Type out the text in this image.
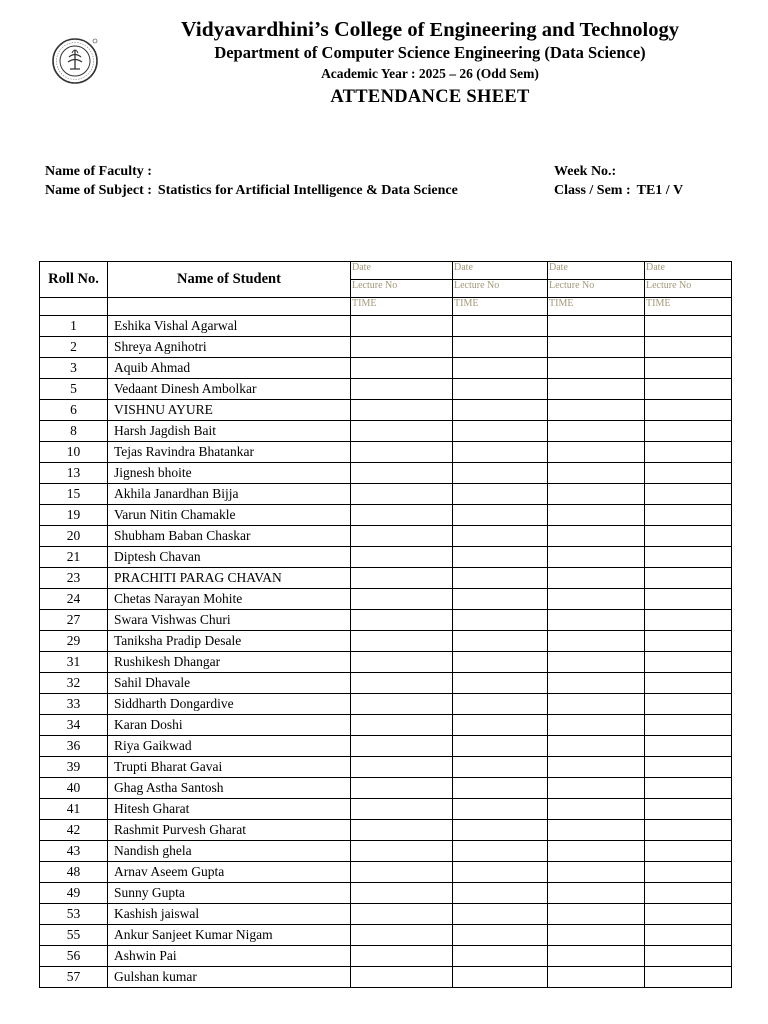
Vidyavardhini’s College of Engineering and Technology
Department of Computer Science Engineering (Data Science)
Academic Year : 2025 – 26 (Odd Sem)
ATTENDANCE SHEET
Name of Faculty :
Name of Subject : Statistics for Artificial Intelligence & Data Science
Week No.:
Class / Sem : TE1 / V
Roll No.	Name of Student	Date	Date	Date	Date
		Lecture No	Lecture No	Lecture No	Lecture No
		TIME	TIME	TIME	TIME
1	Eshika Vishal Agarwal				
2	Shreya Agnihotri				
3	Aquib Ahmad				
5	Vedaant Dinesh Ambolkar				
6	VISHNU AYURE				
8	Harsh Jagdish Bait				
10	Tejas Ravindra Bhatankar				
13	Jignesh bhoite				
15	Akhila Janardhan Bijja				
19	Varun Nitin Chamakle				
20	Shubham Baban Chaskar				
21	Diptesh Chavan				
23	PRACHITI PARAG CHAVAN				
24	Chetas Narayan Mohite				
27	Swara Vishwas Churi				
29	Taniksha Pradip Desale				
31	Rushikesh Dhangar				
32	Sahil Dhavale				
33	Siddharth Dongardive				
34	Karan Doshi				
36	Riya Gaikwad				
39	Trupti Bharat Gavai				
40	Ghag Astha Santosh				
41	Hitesh Gharat				
42	Rashmit Purvesh Gharat				
43	Nandish ghela				
48	Arnav Aseem Gupta				
49	Sunny Gupta				
53	Kashish jaiswal				
55	Ankur Sanjeet Kumar Nigam				
56	Ashwin Pai				
57	Gulshan kumar				
